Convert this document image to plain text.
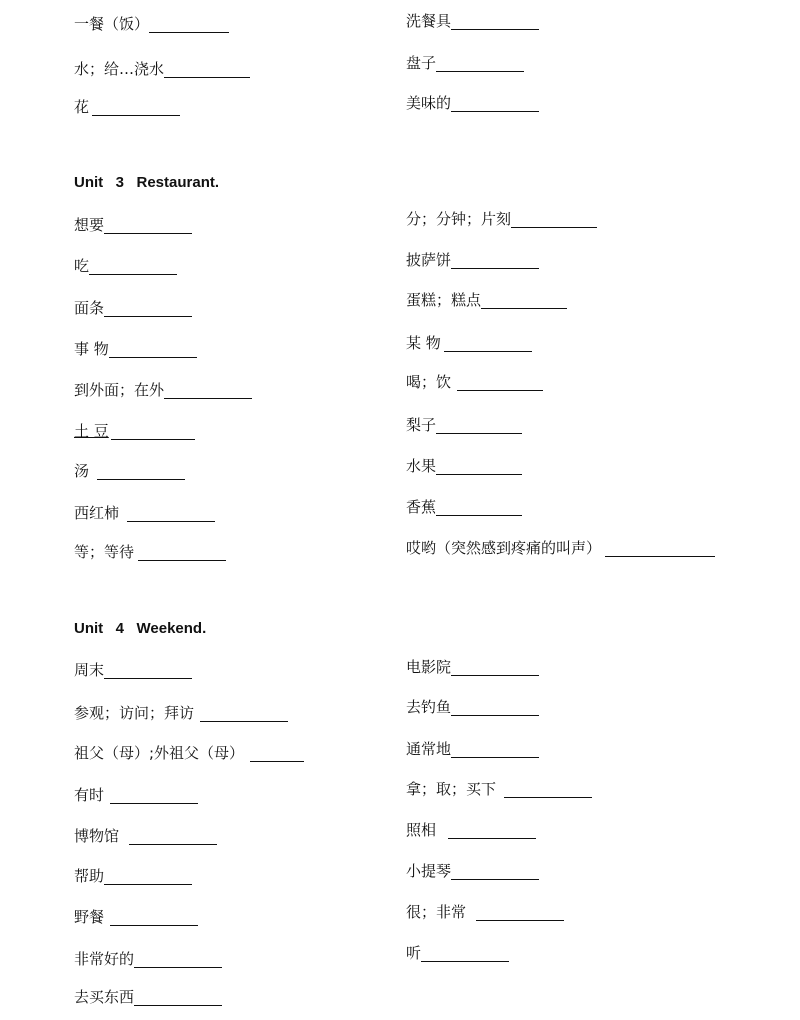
一餐（饭）
水；给…浇水
花
洗餐具
盘子
美味的
Unit   3   Restaurant.
想要
吃
面条
事 物
到外面；在外
土 豆
汤
西红柿
等；等待
分；分钟；片刻
披萨饼
蛋糕；糕点
某 物
喝；饮
梨子
水果
香蕉
哎哟（突然感到疼痛的叫声）
Unit   4   Weekend.
周末
参观；访问；拜访
祖父（母）;外祖父（母）
有时
博物馆
帮助
野餐
非常好的
去买东西
电影院
去钓鱼
通常地
拿；取；买下
照相
小提琴
很；非常
听
